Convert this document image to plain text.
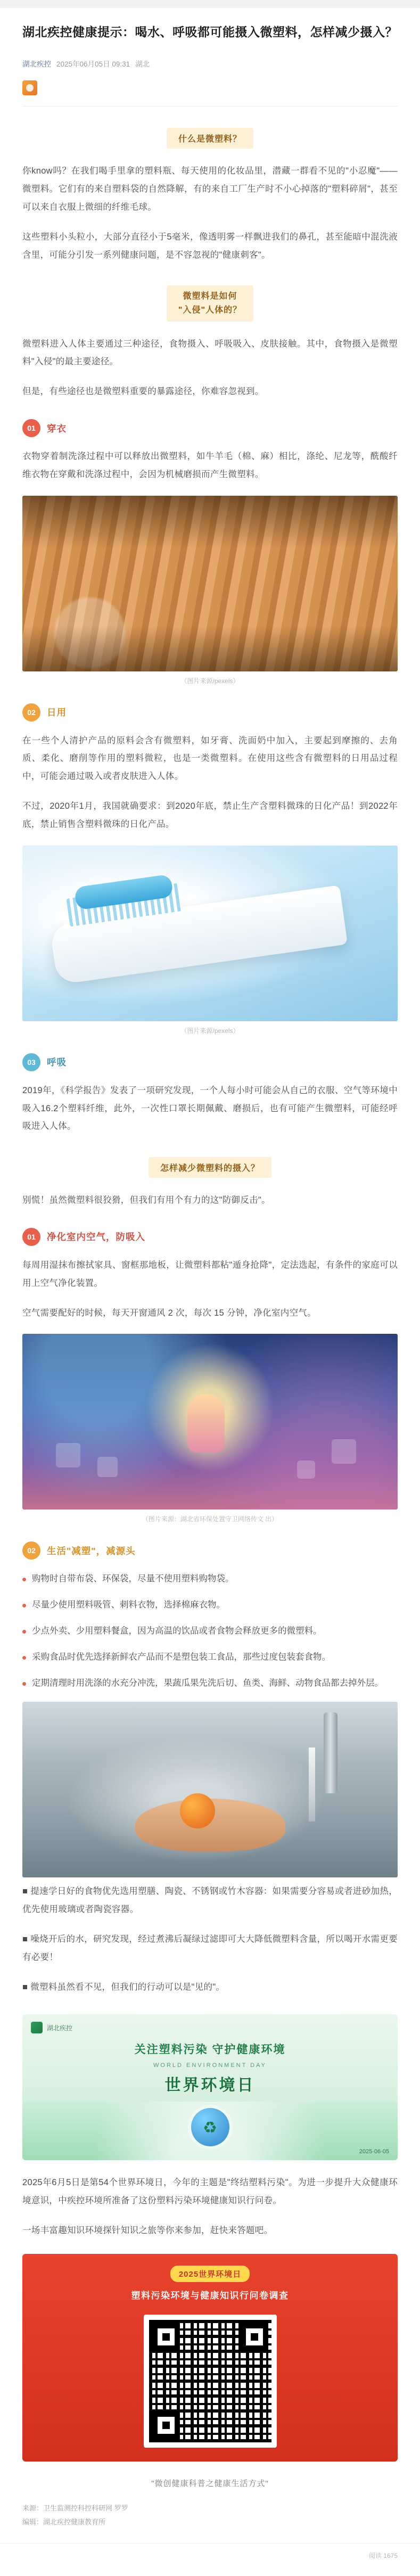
湖北疾控健康提示：喝水、呼吸都可能摄入微塑料，怎样减少摄入？
湖北疾控 2025年06月05日 09:31 湖北
什么是微塑料？

你know吗？在我们喝手里拿的塑料瓶、每天使用的化妆品里，潜藏一群看不见的"小忍魔"——微塑料。它们有的来自塑料袋的自然降解，有的来自工厂生产时不小心掉落的"塑料碎屑"，甚至可以来自衣服上微细的纤维毛球。

这些塑料小头粒小，大部分直径小于5毫米，像透明雾一样飘进我们的鼻孔，甚至能暗中混洗液含里，可能分引发一系列健康问题，是不容忽视的"健康刺客"。

微塑料是如何
"入侵"人体的？

微塑料进入人体主要通过三种途径，食物摄入、呼吸吸入、皮肤接触。其中，食物摄入是微塑料"入侵"的最主要途径。

但是，有些途径也是微塑料重要的暴露途径，你难容忽视到。

01	穿衣

衣物穿着制洗涤过程中可以释放出微塑料，如牛羊毛（棉、麻）相比，涤纶、尼龙等，酰酸纤维衣物在穿戴和洗涤过程中，会因为机械磨损而产生微塑料。

（图片来源/pexels）
02	日用

在一些个人清护产品的原料会含有微塑料，如牙膏、洗面奶中加入，主要起到摩擦的、去角质、柔化、磨削等作用的塑料微粒，也是一类微塑料。在使用这些含有微塑料的日用品过程中，可能会通过吸入或者皮肤进入人体。

不过，2020年1月，我国就确要求：到2020年底，禁止生产含塑料微珠的日化产品！到2022年底，禁止销售含塑料微珠的日化产品。

（图片来源/pexels）
03	呼吸

2019年，《科学报告》发表了一项研究发现，一个人每小时可能会从自己的衣服、空气等环境中吸入16.2个塑料纤维，此外，一次性口罩长期佩戴、磨损后，也有可能产生微塑料，可能经呼吸进入人体。

怎样减少微塑料的摄入？

别慌！虽然微塑料很狡猾，但我们有用个有力的这"防御反击"。

01	净化室内空气，防吸入

每周用湿抹布擦拭家具、窗框那地板，让微塑料都粘"遁身抢降"，定法选起，有条件的家庭可以用上空气净化装置。

空气需要配好的时候，每天开窗通风 2 次，每次 15 分钟，净化室内空气。

（图片来源：湖北省环保处置守卫网络传文 出）
02	生活"减塑"，减源头
购物时自带布袋、环保袋，尽量不使用塑料购物袋。
尽量少使用塑料吸管、刺料衣物，选择棉麻衣物。
少点外卖、少用塑料餐盒，因为高温的饮品或者食物会释放更多的微塑料。
采购食品时优先选择新鲜农产品而不是塑包装工食品，那些过度包装套食物。
定期清理时用洗涤的水充分冲洗，果蔬瓜果先洗后切、鱼类、海鲜、动物食品都去掉外层。

■ 提速学日好的食物优先选用塑膳、陶瓷、不锈钢或竹木容器：如果需要分容易或者进砂加热，优先使用玻璃或者陶瓷容器。

■ 噪烧开后的水，研究发现，经过煮沸后凝绿过滤即可大大降低微塑料含量，所以喝开水需更要有必要！

■ 微塑料虽然看不见，但我们的行动可以是"见的"。

湖北疾控
关注塑料污染 守护健康环境
WORLD ENVIRONMENT DAY
世界环境日
♻
2025·06·05

2025年6月5日是第54个世界环境日，今年的主题是"终结塑料污染"。为进一步提升大众健康环境意识，中疾控环境所准备了这份塑料污染环境健康知识行问卷。

一场丰富趣知识环境探针知识之旅等你来参加，赶快来答题吧。

2025世界环境日
塑料污染环境与健康知识行问卷调查
"微创健康科普之健康生活方式"
来源：卫生监测控科控科研网 罗罗
编辑：湖北疾控健康教育所
阅读 1675
